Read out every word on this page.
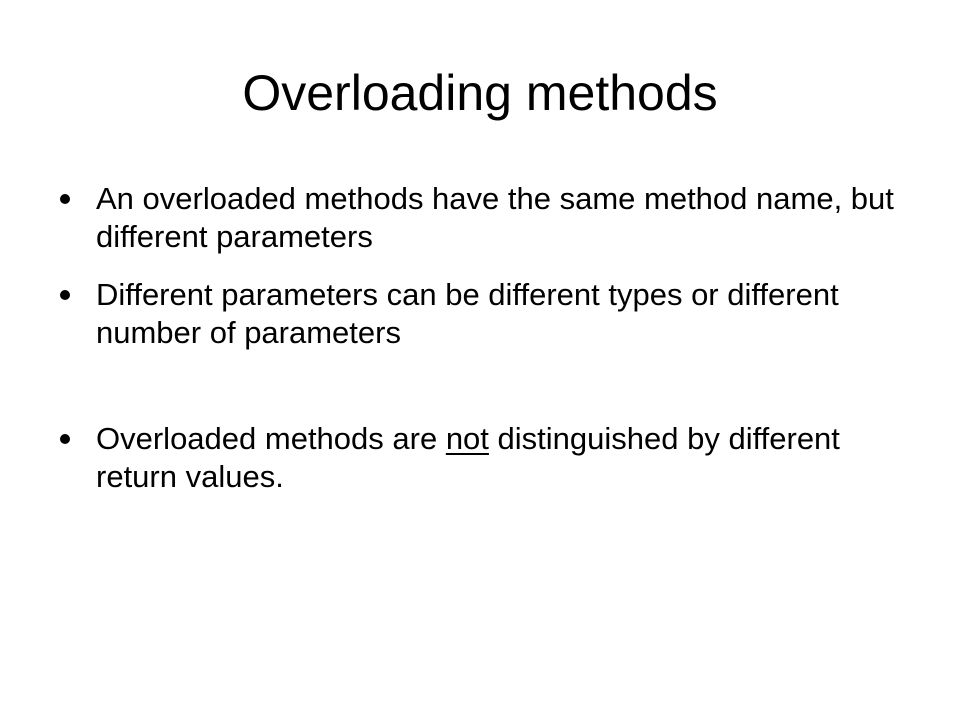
Overloading methods
An overloaded methods have the same method name, but different parameters
Different parameters can be different types or different number of parameters
Overloaded methods are not distinguished by different return values.
